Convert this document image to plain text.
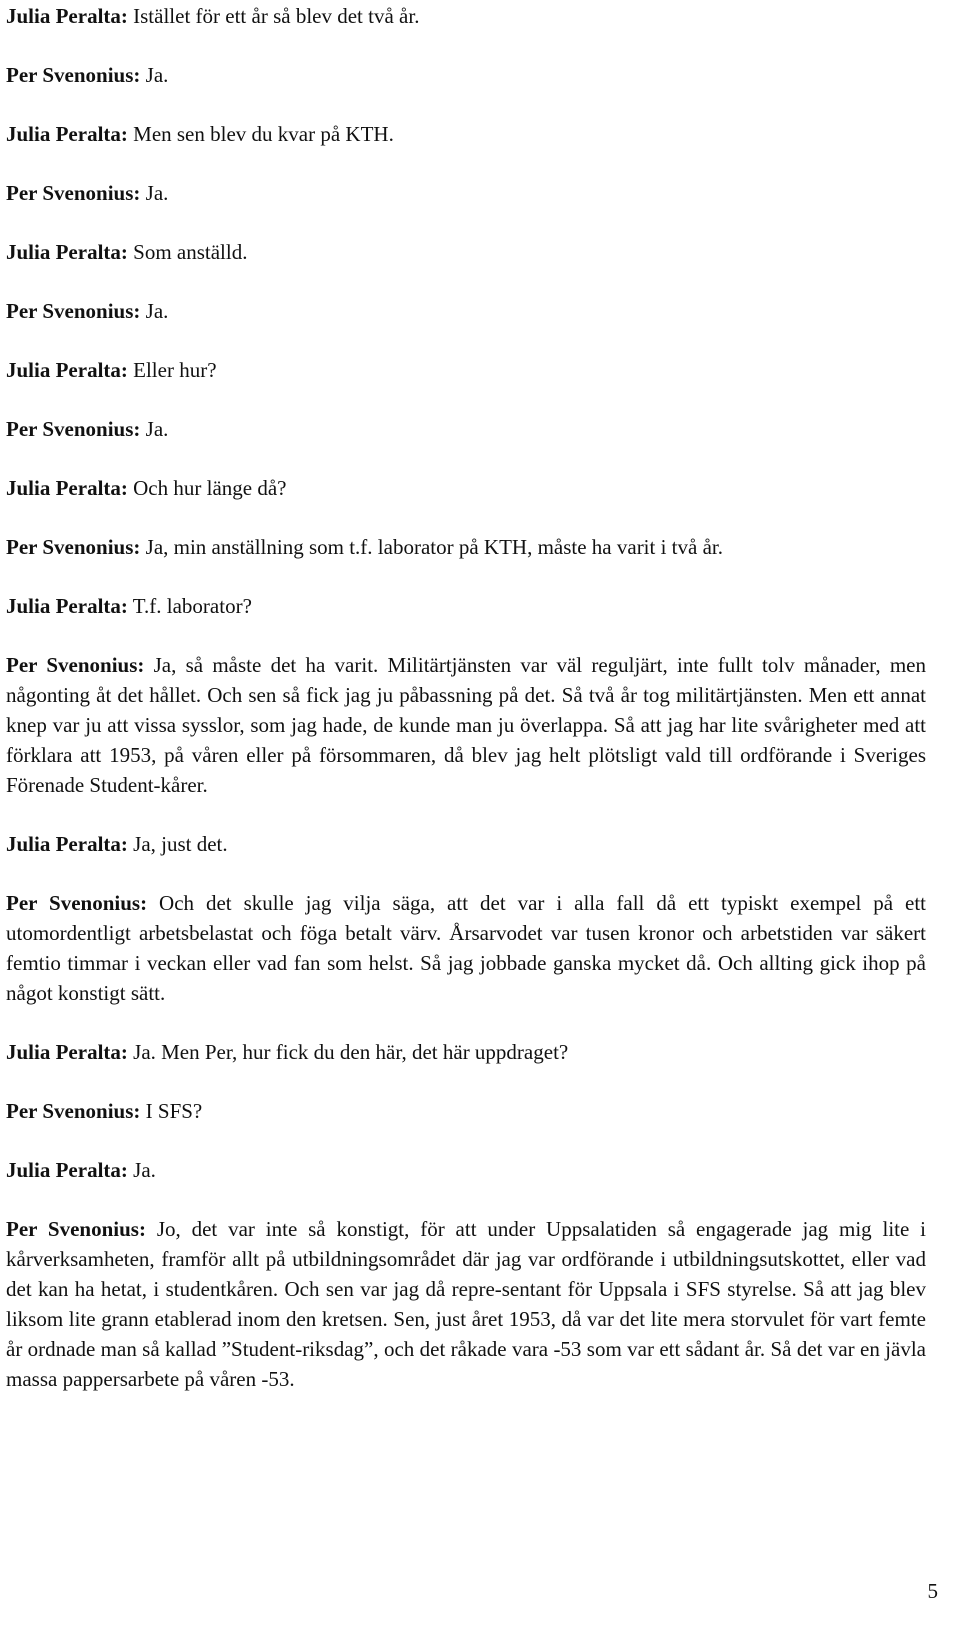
Julia Peralta: Istället för ett år så blev det två år.

Per Svenonius: Ja.

Julia Peralta: Men sen blev du kvar på KTH.

Per Svenonius: Ja.

Julia Peralta: Som anställd.

Per Svenonius: Ja.

Julia Peralta: Eller hur?

Per Svenonius: Ja.

Julia Peralta: Och hur länge då?

Per Svenonius: Ja, min anställning som t.f. laborator på KTH, måste ha varit i två år.

Julia Peralta: T.f. laborator?

Per Svenonius: Ja, så måste det ha varit. Militärtjänsten var väl reguljärt, inte fullt tolv månader, men någonting åt det hållet. Och sen så fick jag ju påbassning på det. Så två år tog militärtjänsten. Men ett annat knep var ju att vissa sysslor, som jag hade, de kunde man ju överlappa. Så att jag har lite svårigheter med att förklara att 1953, på våren eller på försommaren, då blev jag helt plötsligt vald till ordförande i Sveriges Förenade Student-kårer.

Julia Peralta: Ja, just det.

Per Svenonius: Och det skulle jag vilja säga, att det var i alla fall då ett typiskt exempel på ett utomordentligt arbetsbelastat och föga betalt värv. Årsarvodet var tusen kronor och arbetstiden var säkert femtio timmar i veckan eller vad fan som helst. Så jag jobbade ganska mycket då. Och allting gick ihop på något konstigt sätt.

Julia Peralta: Ja. Men Per, hur fick du den här, det här uppdraget?

Per Svenonius: I SFS?

Julia Peralta: Ja.

Per Svenonius: Jo, det var inte så konstigt, för att under Uppsalatiden så engagerade jag mig lite i kårverksamheten, framför allt på utbildningsområdet där jag var ordförande i utbildningsutskottet, eller vad det kan ha hetat, i studentkåren. Och sen var jag då repre-sentant för Uppsala i SFS styrelse. Så att jag blev liksom lite grann etablerad inom den kretsen. Sen, just året 1953, då var det lite mera storvulet för vart femte år ordnade man så kallad ”Student-riksdag”, och det råkade vara -53 som var ett sådant år. Så det var en jävla massa pappersarbete på våren -53.

5
